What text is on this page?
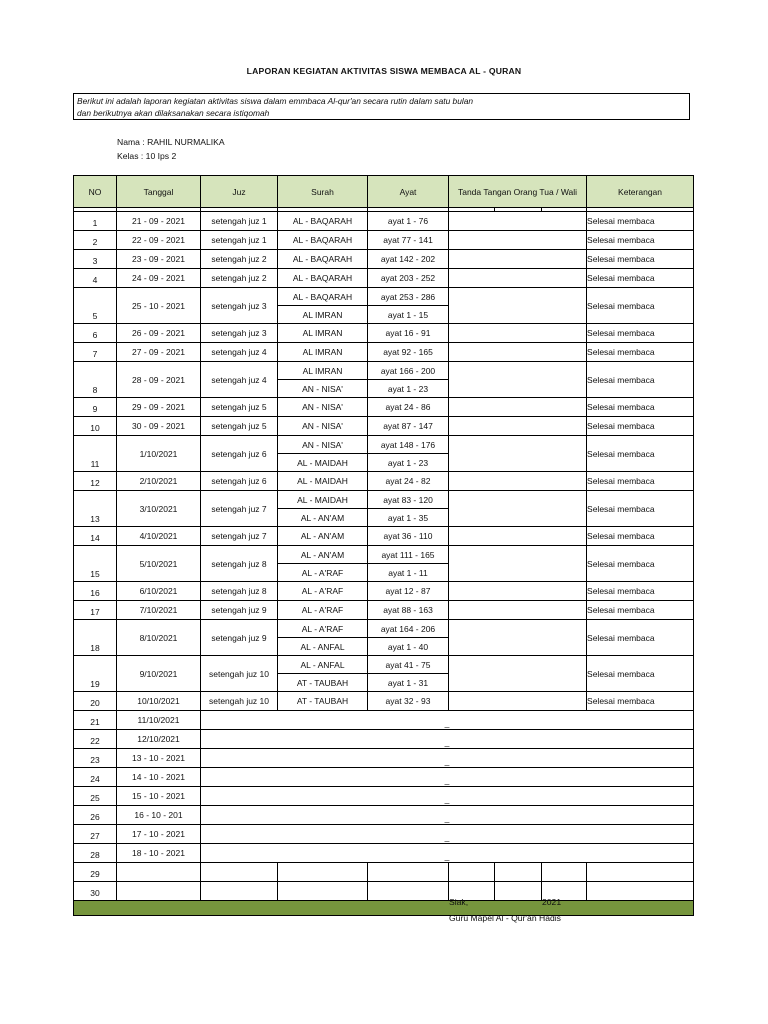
LAPORAN KEGIATAN AKTIVITAS SISWA MEMBACA AL - QURAN
Berikut ini adalah laporan kegiatan aktivitas siswa dalam emmbaca Al-qur'an secara rutin dalam satu bulan
dan berikutnya akan dilaksanakan secara istiqomah
Nama : RAHIL NURMALIKA
Kelas : 10 Ips 2
NO	Tanggal	Juz	Surah	Ayat	Tanda Tangan Orang Tua / Wali			Keterangan

1	21 - 09 - 2021	setengah juz 1	AL - BAQARAH	ayat 1 - 76				Selesai membaca
2	22 - 09 - 2021	setengah juz 1	AL - BAQARAH	ayat 77 - 141				Selesai membaca
3	23 - 09 - 2021	setengah juz 2	AL - BAQARAH	ayat 142 - 202				Selesai membaca
4	24 - 09 - 2021	setengah juz 2	AL - BAQARAH	ayat 203 - 252				Selesai membaca
5	25 - 10 - 2021	setengah juz 3	AL - BAQARAH	ayat 253 - 286				Selesai membaca
			AL IMRAN	ayat 1 - 15				
6	26 - 09 - 2021	setengah juz 3	AL IMRAN	ayat 16 - 91				Selesai membaca
7	27 - 09 - 2021	setengah juz 4	AL IMRAN	ayat 92 - 165				Selesai membaca
8	28 - 09 - 2021	setengah juz 4	AL IMRAN	ayat 166 - 200				Selesai membaca
			AN - NISA'	ayat 1 - 23				
9	29 - 09 - 2021	setengah juz 5	AN - NISA'	ayat 24 - 86				Selesai membaca
10	30 - 09 - 2021	setengah juz 5	AN - NISA'	ayat 87 - 147				Selesai membaca
11	1/10/2021	setengah juz 6	AN - NISA'	ayat 148 - 176				Selesai membaca
			AL - MAIDAH	ayat 1 - 23				
12	2/10/2021	setengah juz 6	AL - MAIDAH	ayat 24 - 82				Selesai membaca
13	3/10/2021	setengah juz 7	AL - MAIDAH	ayat 83 - 120				Selesai membaca
			AL - AN'AM	ayat 1 - 35				
14	4/10/2021	setengah juz 7	AL - AN'AM	ayat 36 - 110				Selesai membaca
15	5/10/2021	setengah juz 8	AL - AN'AM	ayat 111 - 165				Selesai membaca
			AL - A'RAF	ayat 1 - 11				
16	6/10/2021	setengah juz 8	AL - A'RAF	ayat 12 - 87				Selesai membaca
17	7/10/2021	setengah juz 9	AL - A'RAF	ayat 88 - 163				Selesai membaca
18	8/10/2021	setengah juz 9	AL - A'RAF	ayat 164 - 206				Selesai membaca
			AL - ANFAL	ayat 1 - 40				
19	9/10/2021	setengah juz 10	AL - ANFAL	ayat 41 - 75				Selesai membaca
			AT - TAUBAH	ayat 1 - 31				
20	10/10/2021	setengah juz 10	AT - TAUBAH	ayat 32 - 93				Selesai membaca
21	11/10/2021	_						
22	12/10/2021	_						
23	13 - 10 - 2021	_						
24	14 - 10 - 2021	_						
25	15 - 10 - 2021	_						
26	16 - 10 - 201	_						
27	17 - 10 - 2021	_						
28	18 - 10 - 2021	_						
29								
30								

Siak,	2021
Guru Mapel Al - Qur'an Hadis
